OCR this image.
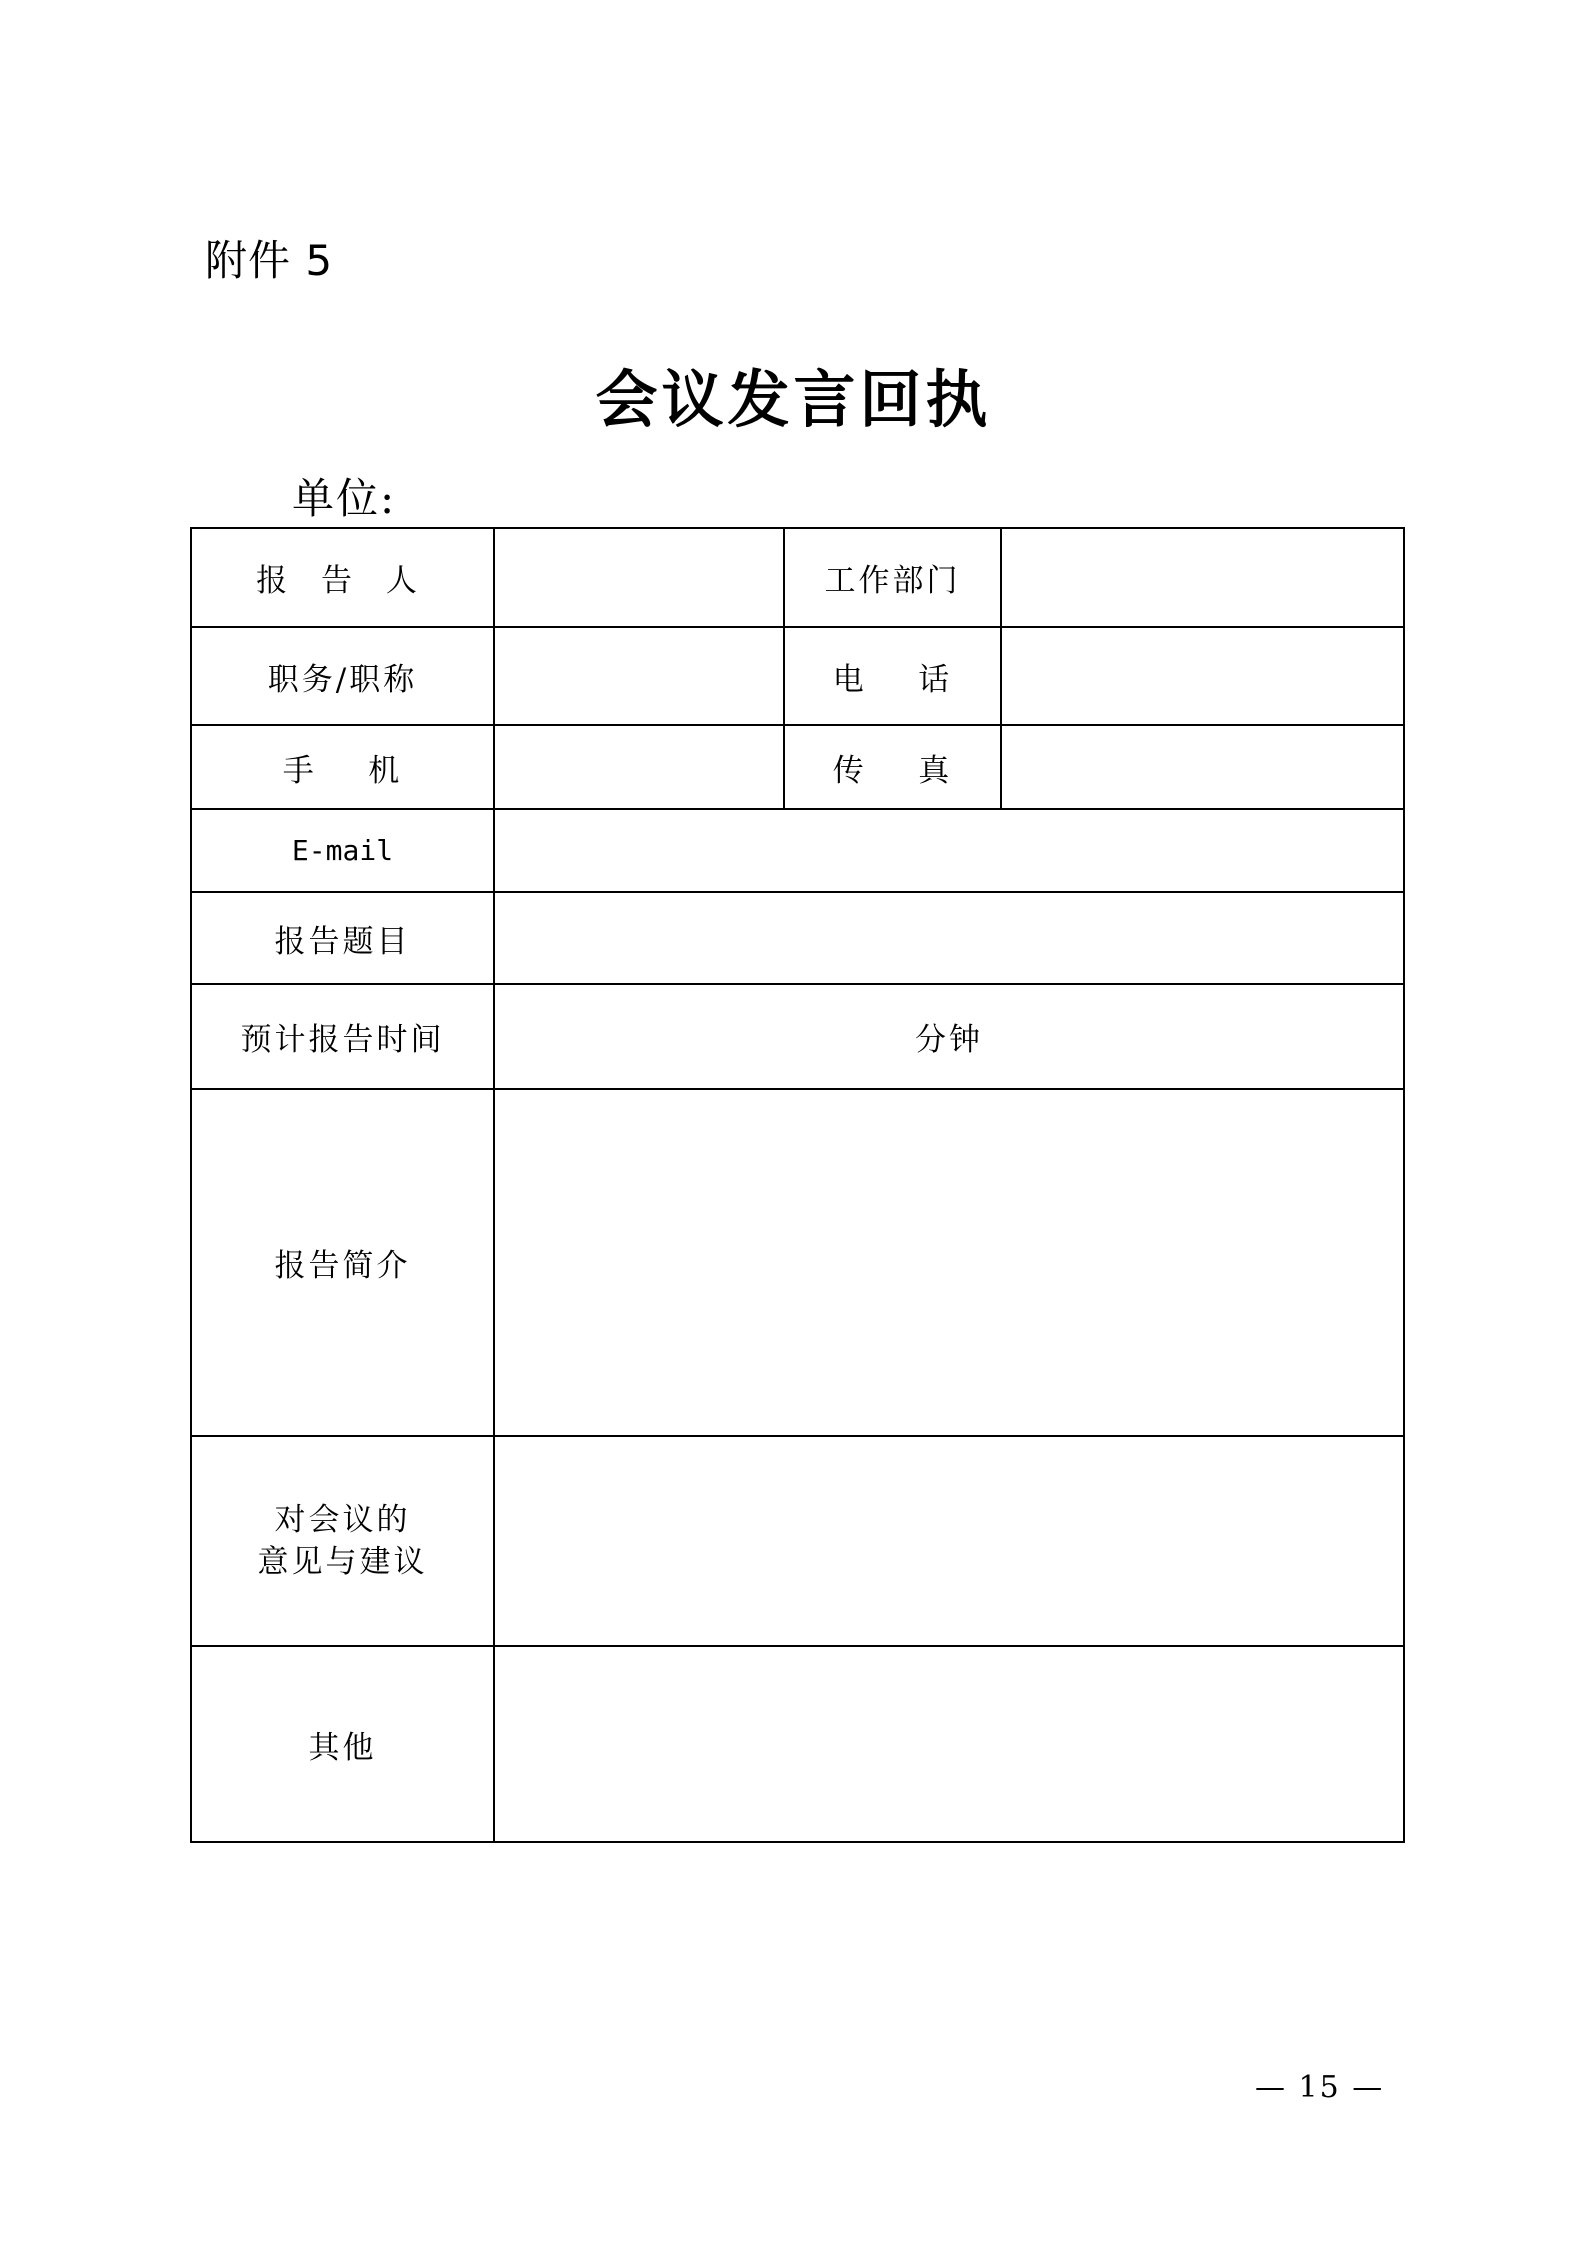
附件 5
会议发言回执
单位:
报 告 人		工作部门	
职务/职称		电    话	
手    机		传    真	
E-mail			
报告题目			
预计报告时间	分钟		
报告简介			

对会议的
意见与建议			

其他			
— 15 —
